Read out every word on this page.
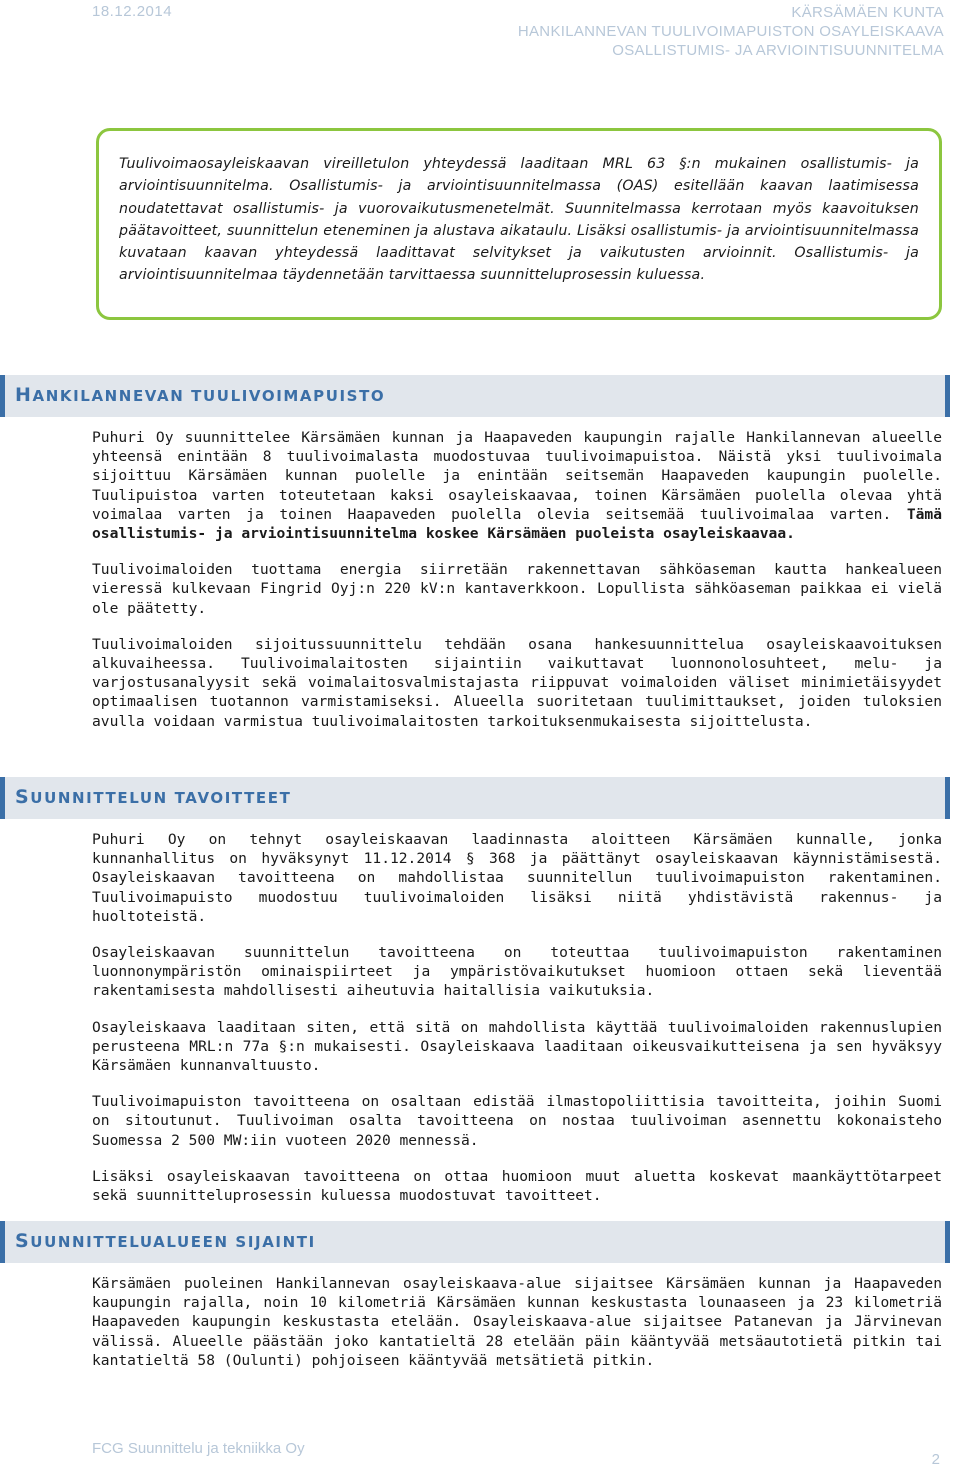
18.12.2014	KÄRSÄMÄEN KUNTA
HANKILANNEVAN TUULIVOIMAPUISTON OSAYLEISKAAVA
OSALLISTUMIS- JA ARVIOINTISUUNNITELMA

Tuulivoimaosayleiskaavan vireilletulon yhteydessä laaditaan MRL 63 §:n mukainen osallistumis- ja arviointisuunnitelma. Osallistumis- ja arviointisuunnitelmassa (OAS) esitellään kaavan laatimisessa noudatettavat osallistumis- ja vuorovaikutusmenetelmät. Suunnitelmassa kerrotaan myös kaavoituksen päätavoitteet, suunnittelun eteneminen ja alustava aikataulu. Lisäksi osallistumis- ja arviointisuunnitelmassa kuvataan kaavan yhteydessä laadittavat selvitykset ja vaikutusten arvioinnit. Osallistumis- ja arviointisuunnitelmaa täydennetään tarvittaessa suunnitteluprosessin kuluessa.

HANKILANNEVAN TUULIVOIMAPUISTO

Puhuri Oy suunnittelee Kärsämäen kunnan ja Haapaveden kaupungin rajalle Hankilannevan alueelle yhteensä enintään 8 tuulivoimalasta muodostuvaa tuulivoimapuistoa. Näistä yksi tuulivoimala sijoittuu Kärsämäen kunnan puolelle ja enintään seitsemän Haapaveden kaupungin puolelle. Tuulipuistoa varten toteutetaan kaksi osayleiskaavaa, toinen Kärsämäen puolella olevaa yhtä voimalaa varten ja toinen Haapaveden puolella olevia seitsemää tuulivoimalaa varten. Tämä osallistumis- ja arviointisuunnitelma koskee Kärsämäen puoleista osayleiskaavaa.

Tuulivoimaloiden tuottama energia siirretään rakennettavan sähköaseman kautta hankealueen vieressä kulkevaan Fingrid Oyj:n 220 kV:n kantaverkkoon. Lopullista sähköaseman paikkaa ei vielä ole päätetty.

Tuulivoimaloiden sijoitussuunnittelu tehdään osana hankesuunnittelua osayleiskaavoituksen alkuvaiheessa. Tuulivoimalaitosten sijaintiin vaikuttavat luonnonolosuhteet, melu- ja varjostusanalyysit sekä voimalaitosvalmistajasta riippuvat voimaloiden väliset minimietäisyydet optimaalisen tuotannon varmistamiseksi. Alueella suoritetaan tuulimittaukset, joiden tuloksien avulla voidaan varmistua tuulivoimalaitosten tarkoituksenmukaisesta sijoittelusta.

SUUNNITTELUN TAVOITTEET

Puhuri Oy on tehnyt osayleiskaavan laadinnasta aloitteen Kärsämäen kunnalle, jonka kunnanhallitus on hyväksynyt 11.12.2014 § 368 ja päättänyt osayleiskaavan käynnistämisestä. Osayleiskaavan tavoitteena on mahdollistaa suunnitellun tuulivoimapuiston rakentaminen. Tuulivoimapuisto muodostuu tuulivoimaloiden lisäksi niitä yhdistävistä rakennus- ja huoltoteistä.

Osayleiskaavan suunnittelun tavoitteena on toteuttaa tuulivoimapuiston rakentaminen luonnonympäristön ominaispiirteet ja ympäristövaikutukset huomioon ottaen sekä lieventää rakentamisesta mahdollisesti aiheutuvia haitallisia vaikutuksia.

Osayleiskaava laaditaan siten, että sitä on mahdollista käyttää tuulivoimaloiden rakennuslupien perusteena MRL:n 77a §:n mukaisesti. Osayleiskaava laaditaan oikeusvaikutteisena ja sen hyväksyy Kärsämäen kunnanvaltuusto.

Tuulivoimapuiston tavoitteena on osaltaan edistää ilmastopoliittisia tavoitteita, joihin Suomi on sitoutunut. Tuulivoiman osalta tavoitteena on nostaa tuulivoiman asennettu kokonaisteho Suomessa 2 500 MW:iin vuoteen 2020 mennessä.

Lisäksi osayleiskaavan tavoitteena on ottaa huomioon muut aluetta koskevat maankäyttötarpeet sekä suunnitteluprosessin kuluessa muodostuvat tavoitteet.

SUUNNITTELUALUEEN SIJAINTI

Kärsämäen puoleinen Hankilannevan osayleiskaava-alue sijaitsee Kärsämäen kunnan ja Haapaveden kaupungin rajalla, noin 10 kilometriä Kärsämäen kunnan keskustasta lounaaseen ja 23 kilometriä Haapaveden kaupungin keskustasta etelään. Osayleiskaava-alue sijaitsee Patanevan ja Järvinevan välissä. Alueelle päästään joko kantatieltä 28 etelään päin kääntyvää metsäautotietä pitkin tai kantatieltä 58 (Oulunti) pohjoiseen kääntyvää metsätietä pitkin.

FCG Suunnittelu ja tekniikka Oy
2
